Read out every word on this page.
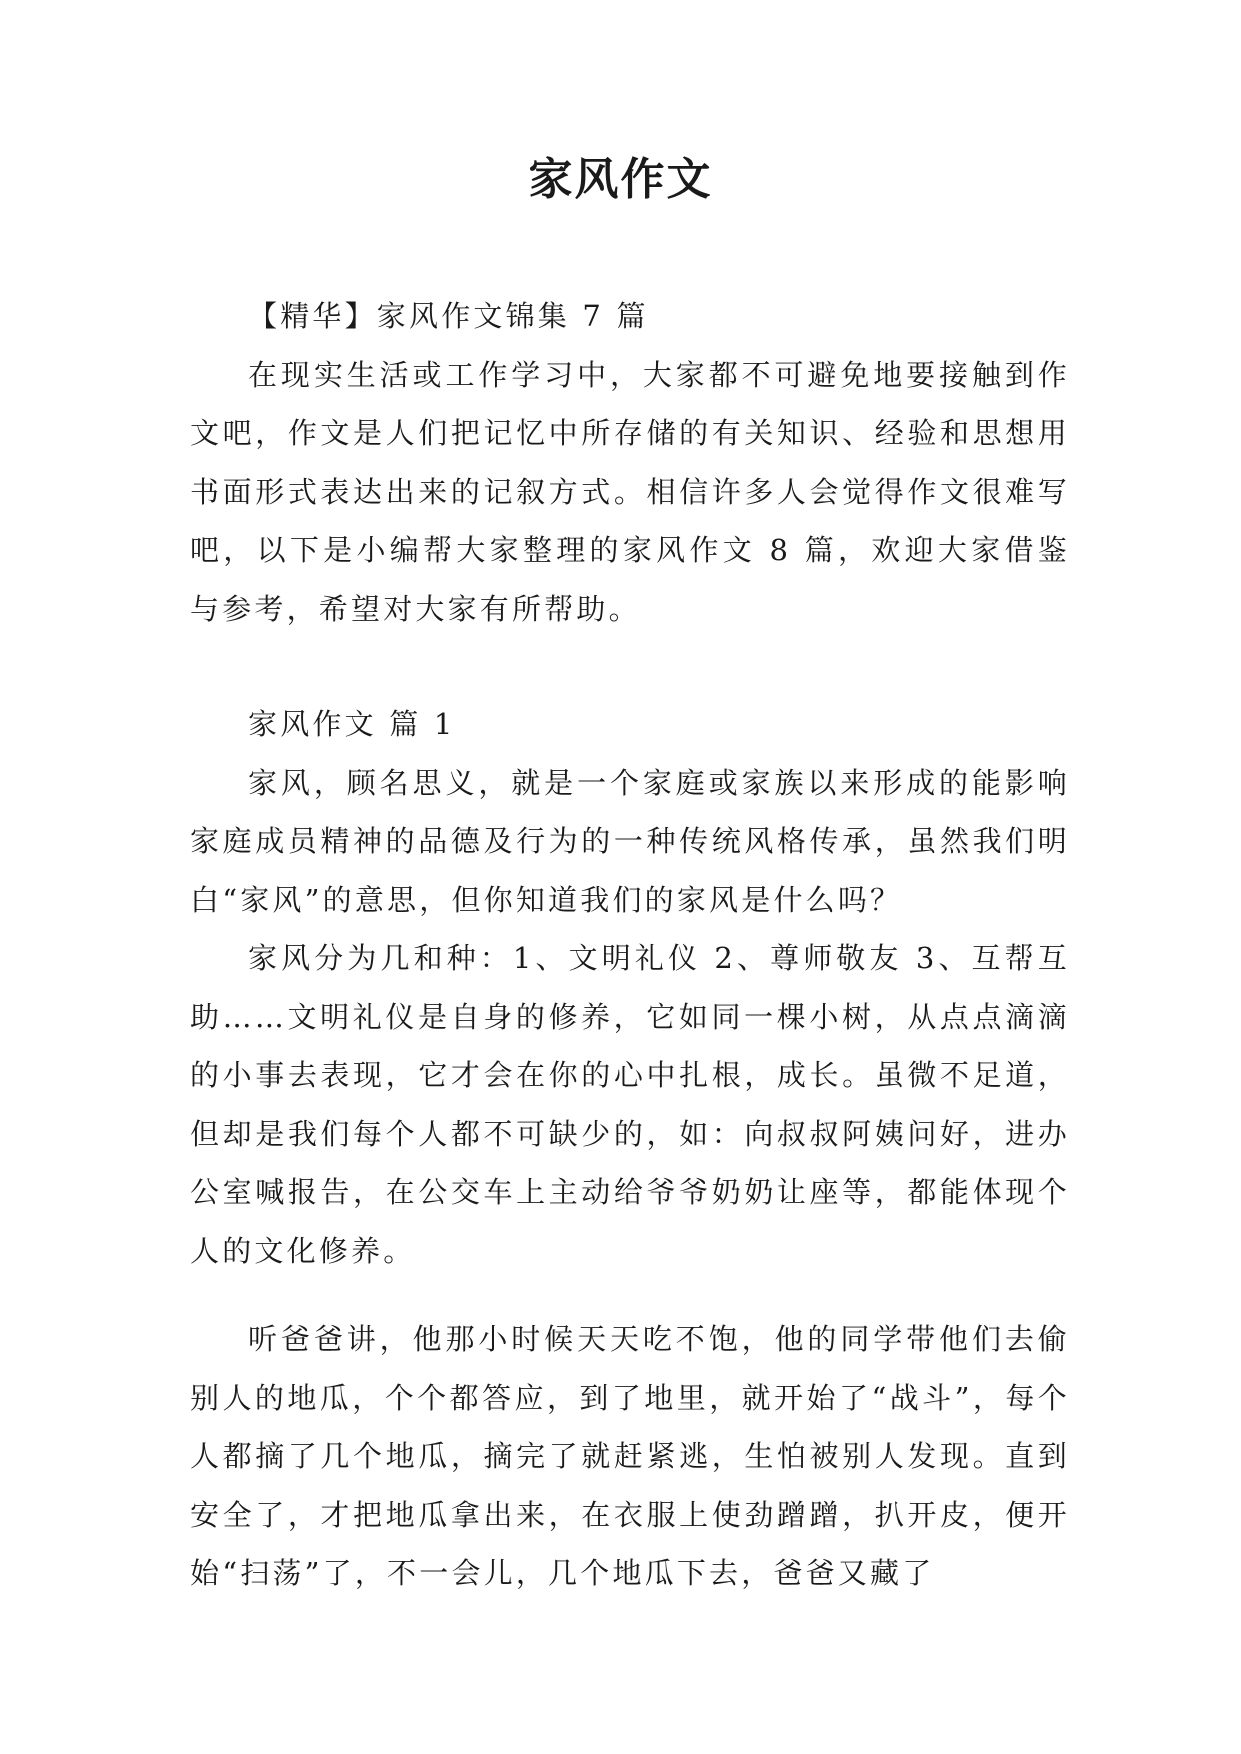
家风作文

【精华】家风作文锦集 7 篇

在现实生活或工作学习中，大家都不可避免地要接触到作文吧，作文是人们把记忆中所存储的有关知识、经验和思想用书面形式表达出来的记叙方式。相信许多人会觉得作文很难写吧，以下是小编帮大家整理的家风作文 8 篇，欢迎大家借鉴与参考，希望对大家有所帮助。

家风作文 篇 1

家风，顾名思义，就是一个家庭或家族以来形成的能影响家庭成员精神的品德及行为的一种传统风格传承，虽然我们明白“家风”的意思，但你知道我们的家风是什么吗？

家风分为几和种：1、文明礼仪 2、尊师敬友 3、互帮互助……文明礼仪是自身的修养，它如同一棵小树，从点点滴滴的小事去表现，它才会在你的心中扎根，成长。虽微不足道，但却是我们每个人都不可缺少的，如：向叔叔阿姨问好，进办公室喊报告，在公交车上主动给爷爷奶奶让座等，都能体现个人的文化修养。

听爸爸讲，他那小时候天天吃不饱，他的同学带他们去偷别人的地瓜，个个都答应，到了地里，就开始了“战斗”，每个人都摘了几个地瓜，摘完了就赶紧逃，生怕被别人发现。直到安全了，才把地瓜拿出来，在衣服上使劲蹭蹭，扒开皮，便开始“扫荡”了，不一会儿，几个地瓜下去，爸爸又藏了
